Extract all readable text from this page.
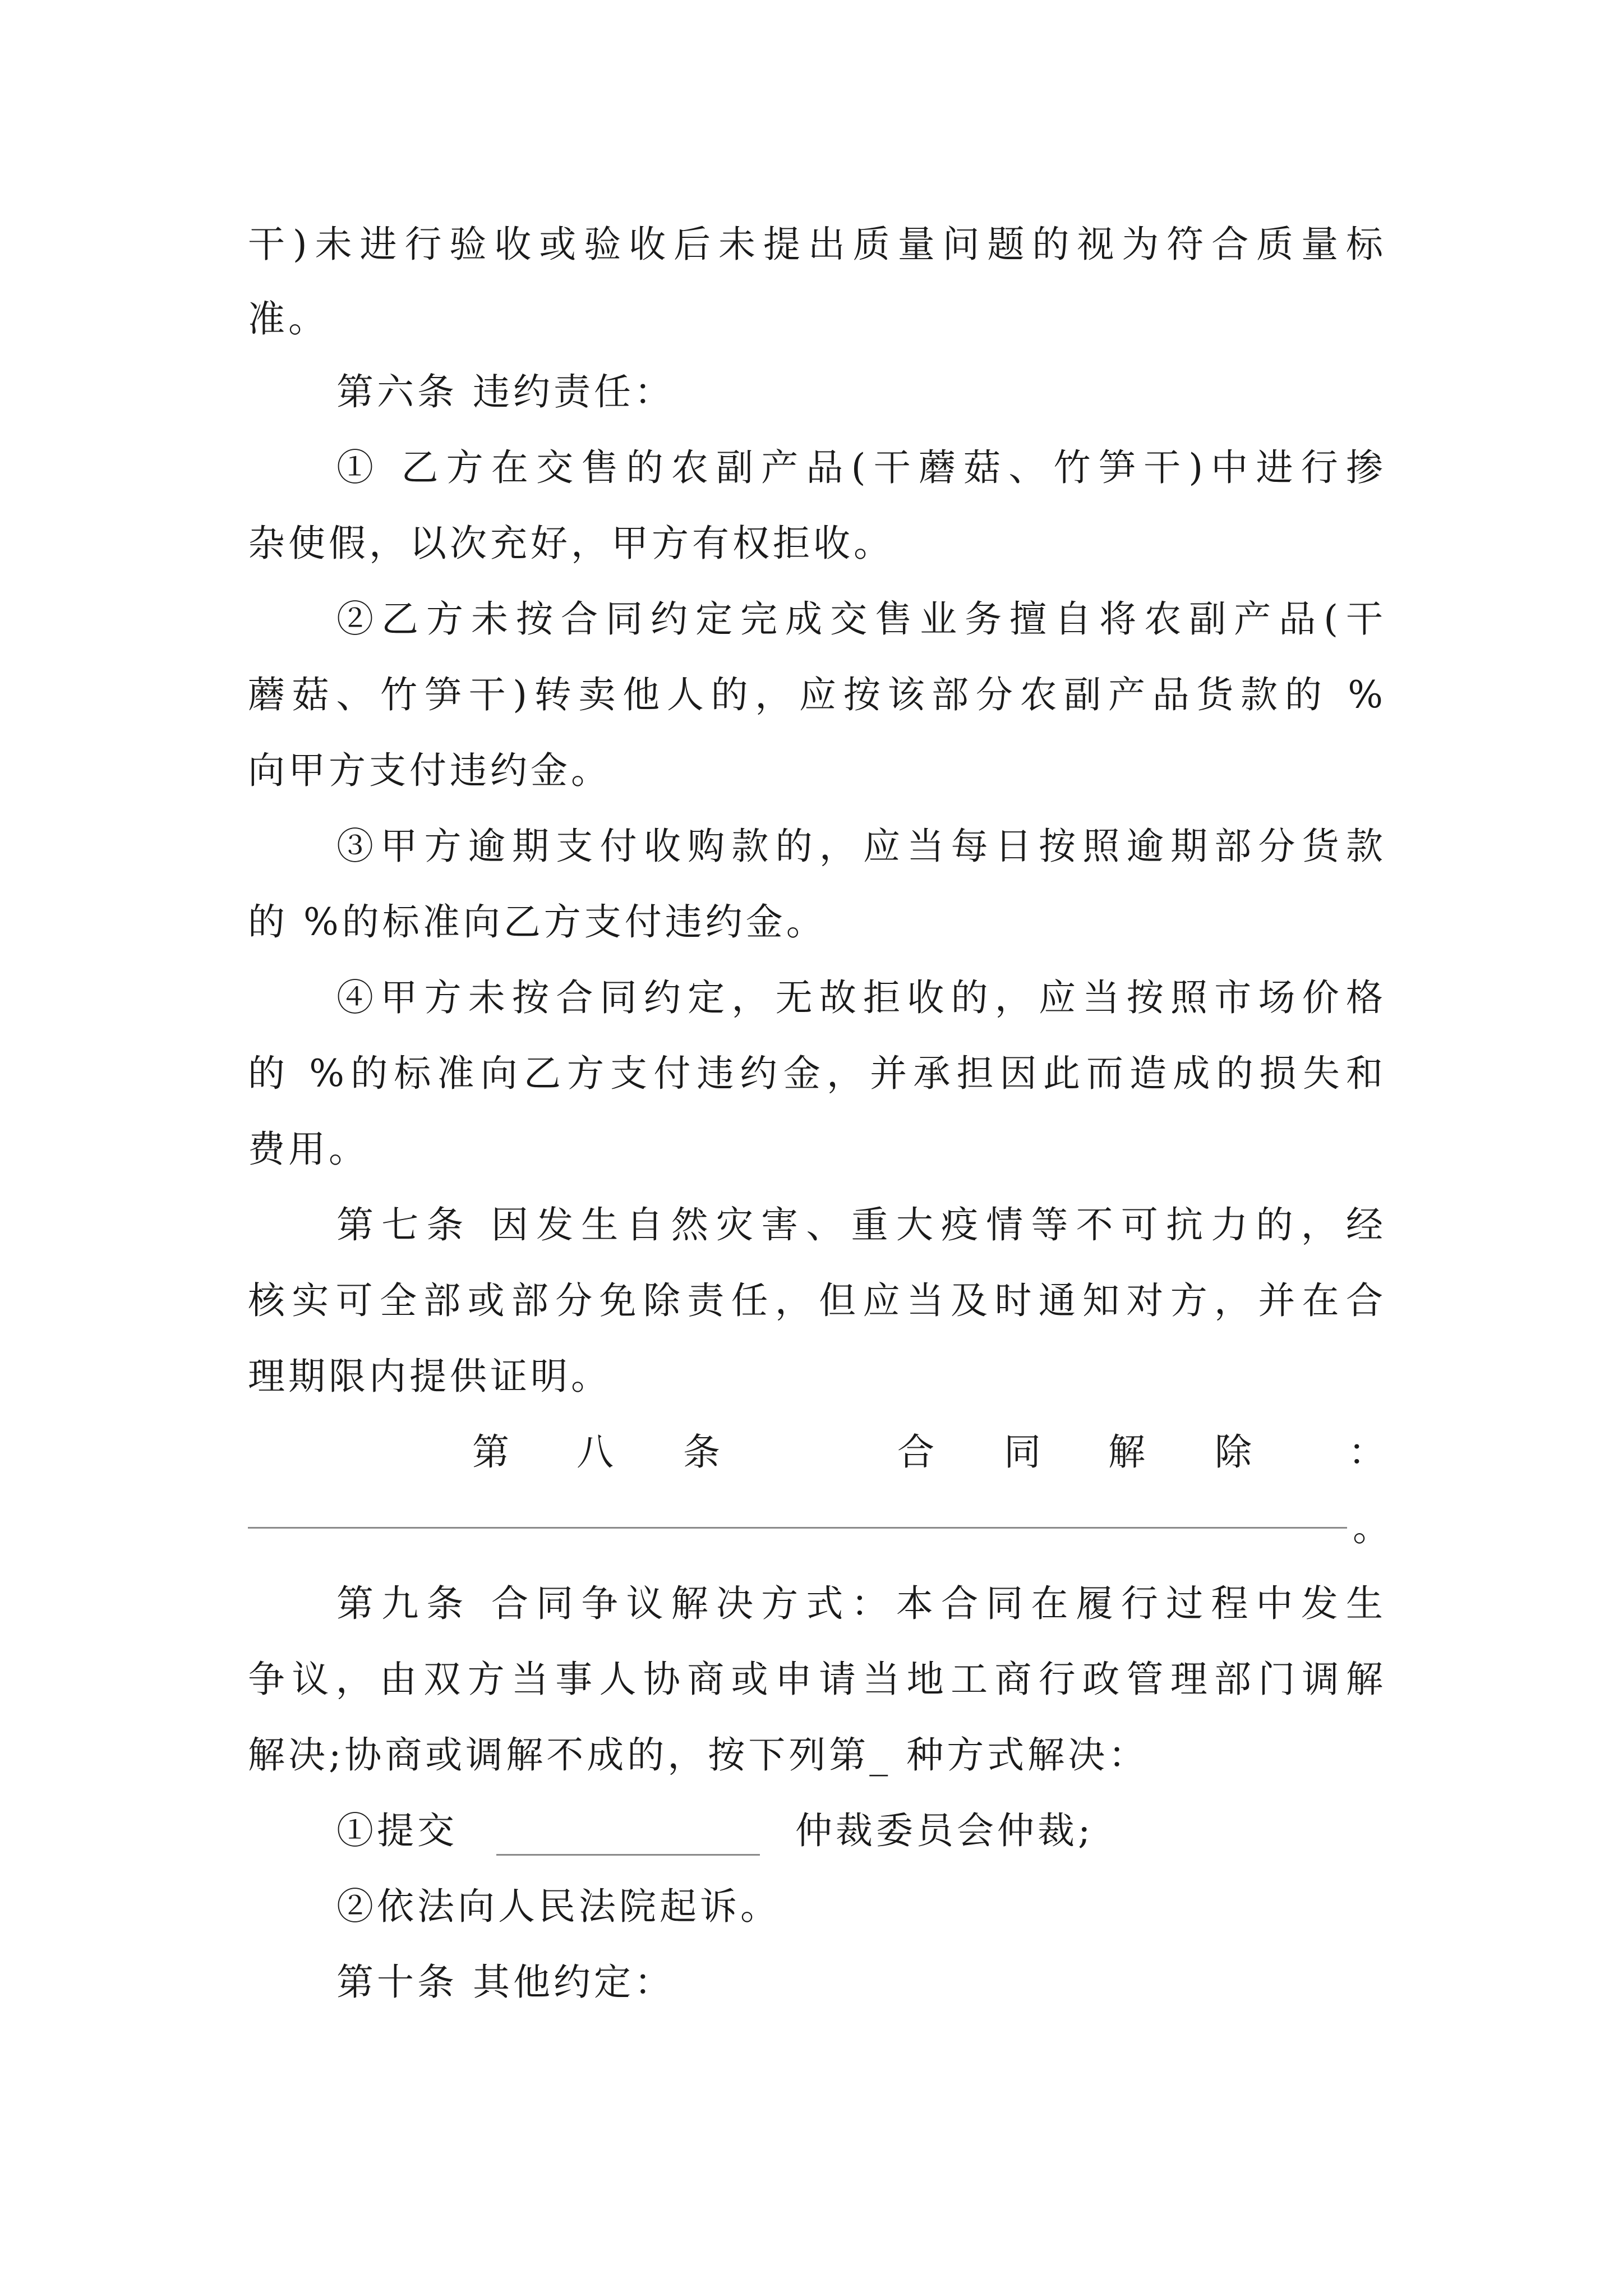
干)未进行验收或验收后未提出质量问题的视为符合质量标
准。
第六条 违约责任：
① 乙方在交售的农副产品(干蘑菇、竹笋干)中进行掺
杂使假，以次充好，甲方有权拒收。
②乙方未按合同约定完成交售业务擅自将农副产品(干
蘑菇、竹笋干)转卖他人的，应按该部分农副产品货款的 %
向甲方支付违约金。
③甲方逾期支付收购款的，应当每日按照逾期部分货款
的 %的标准向乙方支付违约金。
④甲方未按合同约定，无故拒收的，应当按照市场价格
的 %的标准向乙方支付违约金，并承担因此而造成的损失和
费用。
第七条 因发生自然灾害、重大疫情等不可抗力的，经
核实可全部或部分免除责任，但应当及时通知对方，并在合
理期限内提供证明。
第 八 条	合 同 解 除	：
。
第九条 合同争议解决方式：本合同在履行过程中发生
争议，由双方当事人协商或申请当地工商行政管理部门调解
解决;协商或调解不成的，按下列第_ 种方式解决：
①提交	仲裁委员会仲裁;
②依法向人民法院起诉。
第十条 其他约定：
